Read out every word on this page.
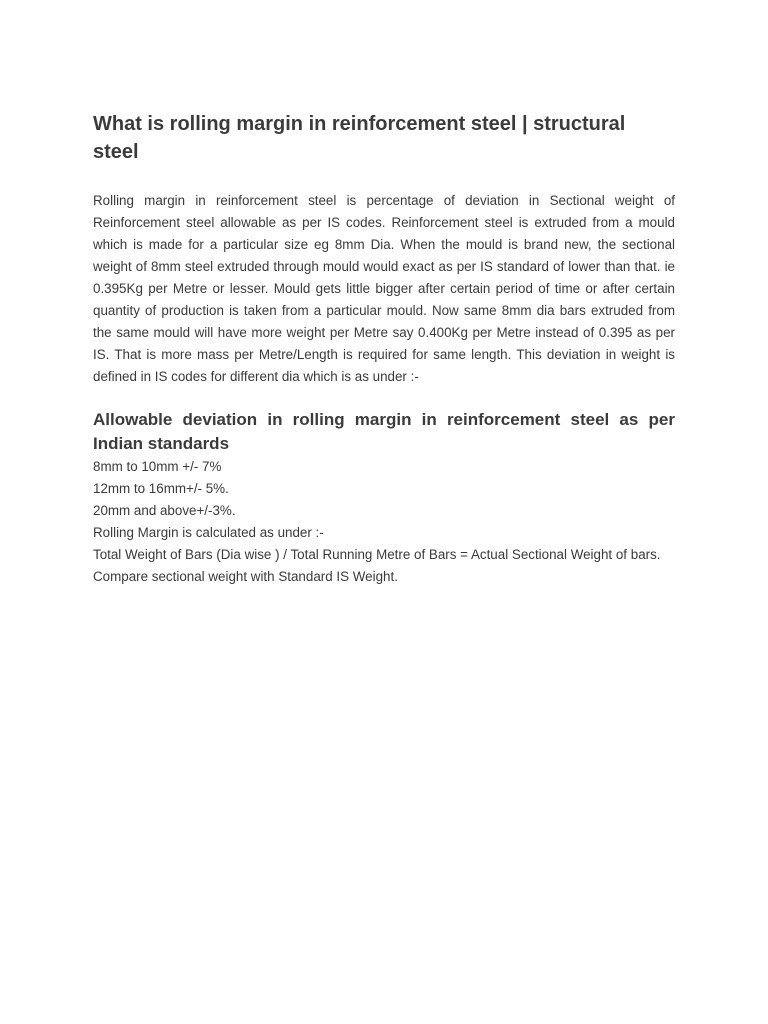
What is rolling margin in reinforcement steel | structural steel

Rolling margin in reinforcement steel is percentage of deviation in Sectional weight of Reinforcement steel allowable as per IS codes. Reinforcement steel is extruded from a mould which is made for a particular size eg 8mm Dia. When the mould is brand new, the sectional weight of 8mm steel extruded through mould would exact as per IS standard of lower than that. ie 0.395Kg per Metre or lesser. Mould gets little bigger after certain period of time or after certain quantity of production is taken from a particular mould. Now same 8mm dia bars extruded from the same mould will have more weight per Metre say 0.400Kg per Metre instead of 0.395 as per IS. That is more mass per Metre/Length is required for same length. This deviation in weight is defined in IS codes for different dia which is as under :-

Allowable deviation in rolling margin in reinforcement steel as per Indian standards
8mm to 10mm +/- 7%
12mm to 16mm+/- 5%.
20mm and above+/-3%.
Rolling Margin is calculated as under :-
Total Weight of Bars (Dia wise ) / Total Running Metre of Bars = Actual Sectional Weight of bars.
Compare sectional weight with Standard IS Weight.
